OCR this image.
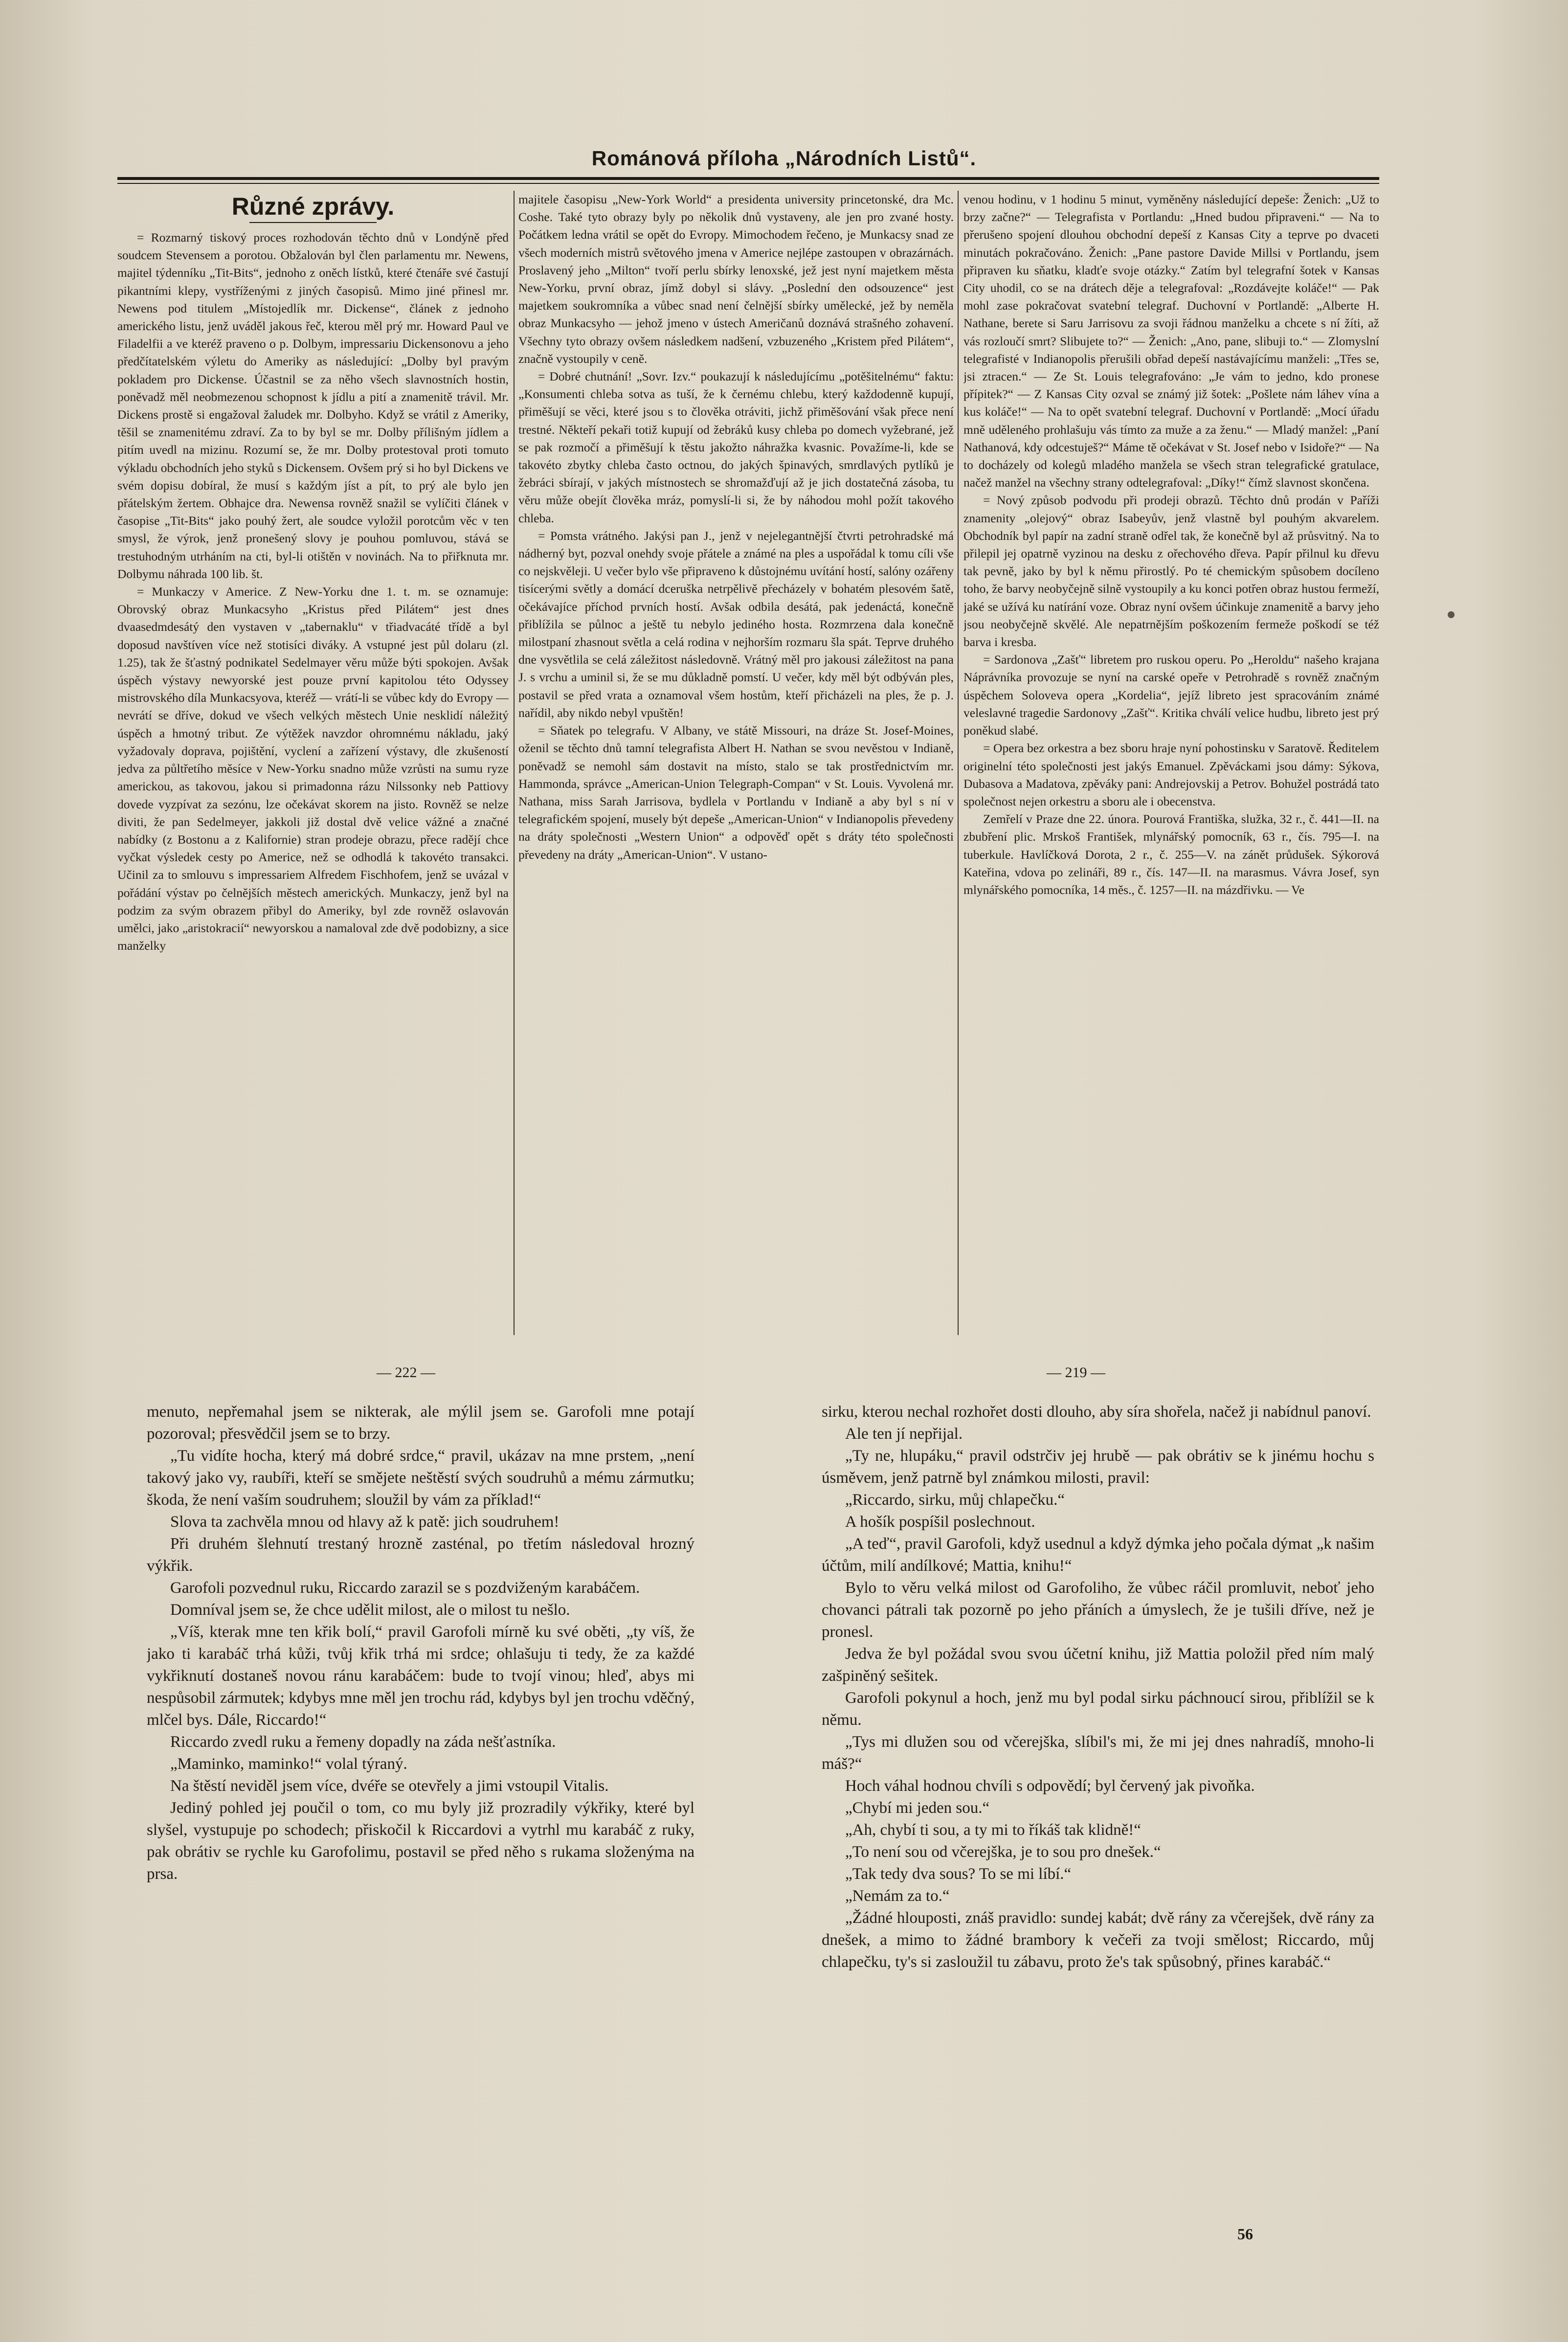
Románová příloha „Národních Listů“.

Různé zprávy.

= Rozmarný tiskový proces rozhodován těchto dnů v Londýně před soudcem Stevensem a porotou. Obžalován byl člen parlamentu mr. Newens, majitel týdenníku „Tit-Bits“, jednoho z oněch lístků, které čtenáře své častují pikantními klepy, vystříženými z jiných časopisů. Mimo jiné přinesl mr. Newens pod titulem „Místojedlík mr. Dickense“, článek z jednoho amerického listu, jenž uváděl jakous řeč, kterou měl prý mr. Howard Paul ve Filadelfii a ve kteréž praveno o p. Dolbym, impressariu Dickensonovu a jeho předčítatelském výletu do Ameriky as následující: „Dolby byl pravým pokladem pro Dickense. Účastnil se za něho všech slavnostních hostin, poněvadž měl neobmezenou schopnost k jídlu a pití a znamenitě trávil. Mr. Dickens prostě si engažoval žaludek mr. Dolbyho. Když se vrátil z Ameriky, těšil se znamenitému zdraví. Za to by byl se mr. Dolby přílišným jídlem a pitím uvedl na mizinu. Rozumí se, že mr. Dolby protestoval proti tomuto výkladu obchodních jeho styků s Dickensem. Ovšem prý si ho byl Dickens ve svém dopisu dobíral, že musí s každým jíst a pít, to prý ale bylo jen přátelským žertem. Obhajce dra. Newensa rovněž snažil se vylíčiti článek v časopise „Tit-Bits“ jako pouhý žert, ale soudce vyložil porotcům věc v ten smysl, že výrok, jenž pronešený slovy je pouhou pomluvou, stává se trestuhodným utrháním na cti, byl-li otištěn v novinách. Na to přiřknuta mr. Dolbymu náhrada 100 lib. št.

= Munkaczy v Americe. Z New-Yorku dne 1. t. m. se oznamuje: Obrovský obraz Munkacsyho „Kristus před Pilátem“ jest dnes dvaasedmdesátý den vystaven v „tabernaklu“ v třiadvacáté třídě a byl doposud navštíven více než stotisíci diváky. A vstupné jest půl dolaru (zl. 1.25), tak že šťastný podnikatel Sedelmayer věru může býti spokojen. Avšak úspěch výstavy newyorské jest pouze první kapitolou této Odyssey mistrovského díla Munkacsyova, kteréž — vrátí-li se vůbec kdy do Evropy — nevrátí se dříve, dokud ve všech velkých městech Unie nesklidí náležitý úspěch a hmotný tribut. Ze výtěžek navzdor ohromnému nákladu, jaký vyžadovaly doprava, pojištění, vyclení a zařízení výstavy, dle zkušeností jedva za půltřetího měsíce v New-Yorku snadno může vzrůsti na sumu ryze americkou, as takovou, jakou si primadonna rázu Nilssonky neb Pattiovy dovede vyzpívat za sezónu, lze očekávat skorem na jisto. Rovněž se nelze diviti, že pan Sedelmeyer, jakkoli již dostal dvě velice vážné a značné nabídky (z Bostonu a z Kalifornie) stran prodeje obrazu, přece radějí chce vyčkat výsledek cesty po Americe, než se odhodlá k takovéto transakci. Učinil za to smlouvu s impressariem Alfredem Fischhofem, jenž se uvázal v pořádání výstav po čelnějších městech amerických. Munkaczy, jenž byl na podzim za svým obrazem přibyl do Ameriky, byl zde rovněž oslavován umělci, jako „aristokracií“ newyorskou a namaloval zde dvě podobizny, a sice manželky

majitele časopisu „New-York World“ a presidenta university princetonské, dra Mc. Coshe. Také tyto obrazy byly po několik dnů vystaveny, ale jen pro zvané hosty. Počátkem ledna vrátil se opět do Evropy. Mimochodem řečeno, je Munkacsy snad ze všech moderních mistrů světového jmena v Americe nejlépe zastoupen v obrazárnách. Proslavený jeho „Milton“ tvoří perlu sbírky lenoxské, jež jest nyní majetkem města New-Yorku, první obraz, jímž dobyl si slávy. „Poslední den odsouzence“ jest majetkem soukromníka a vůbec snad není čelnější sbírky umělecké, jež by neměla obraz Munkacsyho — jehož jmeno v ústech Američanů doznává strašného zohavení. Všechny tyto obrazy ovšem následkem nadšení, vzbuzeného „Kristem před Pilátem“, značně vystoupily v ceně.

= Dobré chutnání! „Sovr. Izv.“ poukazují k následujícímu „potěšitelnému“ faktu: „Konsumenti chleba sotva as tuší, že k černému chlebu, který každodenně kupují, přiměšují se věci, které jsou s to člověka otráviti, jichž přiměšování však přece není trestné. Někteří pekaři totiž kupují od žebráků kusy chleba po domech vyžebrané, jež se pak rozmočí a přiměšují k těstu jakožto náhražka kvasnic. Považíme-li, kde se takovéto zbytky chleba často octnou, do jakých špinavých, smrdlavých pytlíků je žebráci sbírají, v jakých místnostech se shromažďují až je jich dostatečná zásoba, tu věru může obejít člověka mráz, pomyslí-li si, že by náhodou mohl požít takového chleba.

= Pomsta vrátného. Jakýsi pan J., jenž v nejelegantnější čtvrti petrohradské má nádherný byt, pozval onehdy svoje přátele a známé na ples a uspořádal k tomu cíli vše co nejskvěleji. U večer bylo vše připraveno k důstojnému uvítání hostí, salóny ozářeny tisícerými světly a domácí dceruška netrpělivě přecházely v bohatém plesovém šatě, očekávajíce příchod prvních hostí. Avšak odbila desátá, pak jedenáctá, konečně přiblížila se půlnoc a ještě tu nebylo jediného hosta. Rozmrzena dala konečně milostpaní zhasnout světla a celá rodina v nejhorším rozmaru šla spát. Teprve druhého dne vysvětlila se celá záležitost následovně. Vrátný měl pro jakousi záležitost na pana J. s vrchu a uminil si, že se mu důkladně pomstí. U večer, kdy měl být odbýván ples, postavil se před vrata a oznamoval všem hostům, kteří přicházeli na ples, že p. J. nařídil, aby nikdo nebyl vpuštěn!

= Sňatek po telegrafu. V Albany, ve státě Missouri, na dráze St. Josef-Moines, oženil se těchto dnů tamní telegrafista Albert H. Nathan se svou nevěstou v Indianě, poněvadž se nemohl sám dostavit na místo, stalo se tak prostřednictvím mr. Hammonda, správce „American-Union Telegraph-Compan“ v St. Louis. Vyvolená mr. Nathana, miss Sarah Jarrisova, bydlela v Portlandu v Indianě a aby byl s ní v telegrafickém spojení, musely být depeše „American-Union“ v Indianopolis převedeny na dráty společnosti „Western Union“ a odpověď opět s dráty této společnosti převedeny na dráty „American-Union“. V ustano-

venou hodinu, v 1 hodinu 5 minut, vyměněny následující depeše: Ženich: „Už to brzy začne?“ — Telegrafista v Portlandu: „Hned budou připraveni.“ — Na to přerušeno spojení dlouhou obchodní depeší z Kansas City a teprve po dvaceti minutách pokračováno. Ženich: „Pane pastore Davide Millsi v Portlandu, jsem připraven ku sňatku, kladťe svoje otázky.“ Zatím byl telegrafní šotek v Kansas City uhodil, co se na drátech děje a telegrafoval: „Rozdávejte koláče!“ — Pak mohl zase pokračovat svatební telegraf. Duchovní v Portlandě: „Alberte H. Nathane, berete si Saru Jarrisovu za svoji řádnou manželku a chcete s ní žíti, až vás rozloučí smrt? Slibujete to?“ — Ženich: „Ano, pane, slibuji to.“ — Zlomyslní telegrafisté v Indianopolis přerušili obřad depeší nastávajícímu manželi: „Třes se, jsi ztracen.“ — Ze St. Louis telegrafováno: „Je vám to jedno, kdo pronese přípitek?“ — Z Kansas City ozval se známý již šotek: „Pošlete nám láhev vína a kus koláče!“ — Na to opět svatební telegraf. Duchovní v Portlandě: „Mocí úřadu mně uděleného prohlašuju vás tímto za muže a za ženu.“ — Mladý manžel: „Paní Nathanová, kdy odcestuješ?“ Máme tě očekávat v St. Josef nebo v Isidoře?“ — Na to docházely od kolegů mladého manžela se všech stran telegrafické gratulace, načež manžel na všechny strany odtelegrafoval: „Díky!“ čímž slavnost skončena.

= Nový způsob podvodu při prodeji obrazů. Těchto dnů prodán v Paříži znamenity „olejový“ obraz Isabeyův, jenž vlastně byl pouhým akvarelem. Obchodník byl papír na zadní straně odřel tak, že konečně byl až průsvitný. Na to přilepil jej opatrně vyzinou na desku z ořechového dřeva. Papír přilnul ku dřevu tak pevně, jako by byl k němu přirostlý. Po té chemickým spůsobem docíleno toho, že barvy neobyčejně silně vystoupily a ku konci potřen obraz hustou fermeží, jaké se užívá ku natírání voze. Obraz nyní ovšem účinkuje znamenitě a barvy jeho jsou neobyčejně skvělé. Ale nepatrnějším poškozením fermeže poškodí se též barva i kresba.

= Sardonova „Zašť“ libretem pro ruskou operu. Po „Heroldu“ našeho krajana Náprávníka provozuje se nyní na carské opeře v Petrohradě s rovněž značným úspěchem Soloveva opera „Kordelia“, jejíž libreto jest spracováním známé veleslavné tragedie Sardonovy „Zašť“. Kritika chválí velice hudbu, libreto jest prý poněkud slabé.

= Opera bez orkestra a bez sboru hraje nyní pohostinsku v Saratově. Ředitelem originelní této společnosti jest jakýs Emanuel. Zpěváckami jsou dámy: Sýkova, Dubasova a Madatova, zpěváky pani: Andrejovskij a Petrov. Bohužel postrádá tato společnost nejen orkestru a sboru ale i obecenstva.

Zemřelí v Praze dne 22. února. Pourová Františka, služka, 32 r., č. 441—II. na zbubření plic. Mrskoš František, mlynářský pomocník, 63 r., čís. 795—I. na tuberkule. Havlíčková Dorota, 2 r., č. 255—V. na zánět průdušek. Sýkorová Kateřina, vdova po zelináři, 89 r., čís. 147—II. na marasmus. Vávra Josef, syn mlynářského pomocníka, 14 měs., č. 1257—II. na mázdřivku. — Ve

— 222 —	— 219 —

menuto, nepřemahal jsem se nikterak, ale mýlil jsem se. Garofoli mne potají pozoroval; přesvědčil jsem se to brzy.

„Tu vidíte hocha, který má dobré srdce,“ pravil, ukázav na mne prstem, „není takový jako vy, raubíři, kteří se smějete neštěstí svých soudruhů a mému zármutku; škoda, že není vaším soudruhem; sloužil by vám za příklad!“

Slova ta zachvěla mnou od hlavy až k patě: jich soudruhem!

Při druhém šlehnutí trestaný hrozně zasténal, po třetím následoval hrozný výkřik.

Garofoli pozvednul ruku, Riccardo zarazil se s pozdviženým karabáčem.

Domníval jsem se, že chce udělit milost, ale o milost tu nešlo.

„Víš, kterak mne ten křik bolí,“ pravil Garofoli mírně ku své oběti, „ty víš, že jako ti karabáč trhá kůži, tvůj křik trhá mi srdce; ohlašuju ti tedy, že za každé vykřiknutí dostaneš novou ránu karabáčem: bude to tvojí vinou; hleď, abys mi nespůsobil zármutek; kdybys mne měl jen trochu rád, kdybys byl jen trochu vděčný, mlčel bys. Dále, Riccardo!“

Riccardo zvedl ruku a řemeny dopadly na záda nešťastníka.

„Maminko, maminko!“ volal týraný.

Na štěstí neviděl jsem více, dvéře se otevřely a jimi vstoupil Vitalis.

Jediný pohled jej poučil o tom, co mu byly již prozradily výkřiky, které byl slyšel, vystupuje po schodech; přiskočil k Riccardovi a vytrhl mu karabáč z ruky, pak obrátiv se rychle ku Garofolimu, postavil se před něho s rukama složenýma na prsa.

sirku, kterou nechal rozhořet dosti dlouho, aby síra shořela, načež ji nabídnul panoví.

Ale ten jí nepřijal.

„Ty ne, hlupáku,“ pravil odstrčiv jej hrubě — pak obrátiv se k jinému hochu s úsměvem, jenž patrně byl známkou milosti, pravil:

„Riccardo, sirku, můj chlapečku.“

A hošík pospíšil poslechnout.

„A teď“, pravil Garofoli, když usednul a když dýmka jeho počala dýmat „k našim účtům, milí andílkové; Mattia, knihu!“

Bylo to věru velká milost od Garofoliho, že vůbec ráčil promluvit, neboť jeho chovanci pátrali tak pozorně po jeho přáních a úmyslech, že je tušili dříve, než je pronesl.

Jedva že byl požádal svou svou účetní knihu, již Mattia položil před ním malý zašpiněný sešitek.

Garofoli pokynul a hoch, jenž mu byl podal sirku páchnoucí sirou, přiblížil se k němu.

„Tys mi dlužen sou od včerejška, slíbil's mi, že mi jej dnes nahradíš, mnoho-li máš?“

Hoch váhal hodnou chvíli s odpovědí; byl červený jak pivoňka.

„Chybí mi jeden sou.“

„Ah, chybí ti sou, a ty mi to říkáš tak klidně!“

„To není sou od včerejška, je to sou pro dnešek.“

„Tak tedy dva sous? To se mi líbí.“

„Nemám za to.“

„Žádné hlouposti, znáš pravidlo: sundej kabát; dvě rány za včerejšek, dvě rány za dnešek, a mimo to žádné brambory k večeři za tvoji smělost; Riccardo, můj chlapečku, ty's si zasloužil tu zábavu, proto že's tak spůsobný, přines karabáč.“

56
